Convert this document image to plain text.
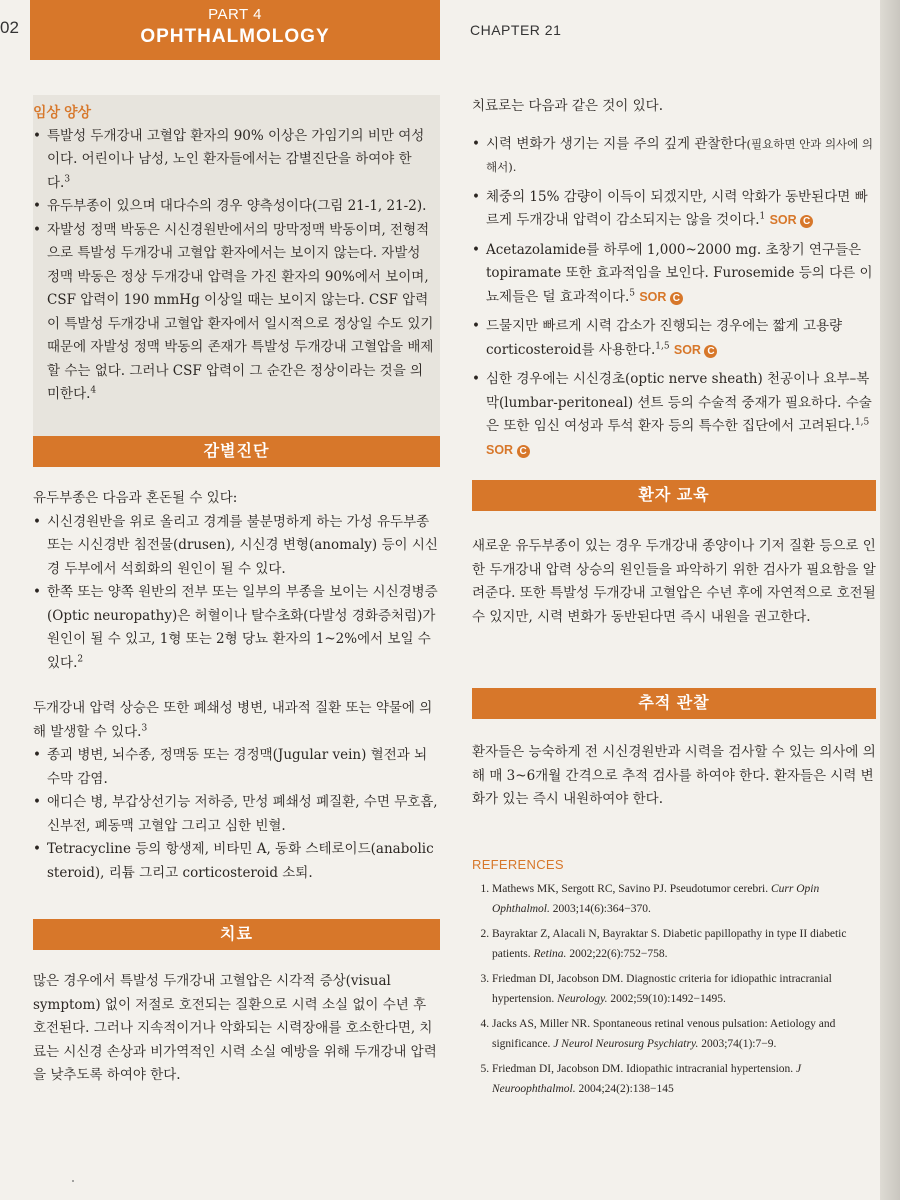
02
PART 4
OPHTHALMOLOGY	CHAPTER 21
임상 양상
• 특발성 두개강내 고혈압 환자의 90% 이상은 가임기의 비만 여성이다. 어린이나 남성, 노인 환자들에서는 감별진단을 하여야 한다.$^3$
• 유두부종이 있으며 대다수의 경우 양측성이다(그림 21-1, 21-2).
• 자발성 정맥 박동은 시신경원반에서의 망막정맥 박동이며, 전형적으로 특발성 두개강내 고혈압 환자에서는 보이지 않는다. 자발성 정맥 박동은 정상 두개강내 압력을 가진 환자의 90%에서 보이며, CSF 압력이 190 mmHg 이상일 때는 보이지 않는다. CSF 압력이 특발성 두개강내 고혈압 환자에서 일시적으로 정상일 수도 있기 때문에 자발성 정맥 박동의 존재가 특발성 두개강내 고혈압을 배제할 수는 없다. 그러나 CSF 압력이 그 순간은 정상이라는 것을 의미한다.$^4$
감별진단

유두부종은 다음과 혼돈될 수 있다:

• 시신경원반을 위로 올리고 경계를 불분명하게 하는 가성 유두부종 또는 시신경반 침전물(drusen), 시신경 변형(anomaly) 등이 시신경 두부에서 석회화의 원인이 될 수 있다.
• 한쪽 또는 양쪽 원반의 전부 또는 일부의 부종을 보이는 시신경병증(Optic neuropathy)은 허혈이나 탈수초화(다발성 경화증처럼)가 원인이 될 수 있고, 1형 또는 2형 당뇨 환자의 1~2%에서 보일 수 있다.$^2$

두개강내 압력 상승은 또한 폐쇄성 병변, 내과적 질환 또는 약물에 의해 발생할 수 있다.$^3$

• 종괴 병변, 뇌수종, 정맥동 또는 경정맥(Jugular vein) 혈전과 뇌수막 감염.
• 애디슨 병, 부갑상선기능 저하증, 만성 폐쇄성 폐질환, 수면 무호흡, 신부전, 폐동맥 고혈압 그리고 심한 빈혈.
• Tetracycline 등의 항생제, 비타민 A, 동화 스테로이드(anabolic steroid), 리튬 그리고 corticosteroid 소퇴.
치료

많은 경우에서 특발성 두개강내 고혈압은 시각적 증상(visual symptom) 없이 저절로 호전되는 질환으로 시력 소실 없이 수년 후 호전된다. 그러나 지속적이거나 악화되는 시력장애를 호소한다면, 치료는 시신경 손상과 비가역적인 시력 소실 예방을 위해 두개강내 압력을 낮추도록 하여야 한다.

치료로는 다음과 같은 것이 있다.

• 시력 변화가 생기는 지를 주의 깊게 관찰한다(필요하면 안과 의사에 의해서).
• 체중의 15% 감량이 이득이 되겠지만, 시력 악화가 동반된다면 빠르게 두개강내 압력이 감소되지는 않을 것이다.$^1$ SOR C
• Acetazolamide를 하루에 1,000~2000 mg. 초창기 연구들은 topiramate 또한 효과적임을 보인다. Furosemide 등의 다른 이뇨제들은 덜 효과적이다.$^5$ SOR C
• 드물지만 빠르게 시력 감소가 진행되는 경우에는 짧게 고용량 corticosteroid를 사용한다.$^{1,5}$ SOR C
• 심한 경우에는 시신경초(optic nerve sheath) 천공이나 요부–복막(lumbar-peritoneal) 션트 등의 수술적 중재가 필요하다. 수술은 또한 임신 여성과 투석 환자 등의 특수한 집단에서 고려된다.$^{1,5}$ SOR C
환자 교육

새로운 유두부종이 있는 경우 두개강내 종양이나 기저 질환 등으로 인한 두개강내 압력 상승의 원인들을 파악하기 위한 검사가 필요함을 알려준다. 또한 특발성 두개강내 고혈압은 수년 후에 자연적으로 호전될 수 있지만, 시력 변화가 동반된다면 즉시 내원을 권고한다.

추적 관찰

환자들은 능숙하게 전 시신경원반과 시력을 검사할 수 있는 의사에 의해 매 3~6개월 간격으로 추적 검사를 하여야 한다. 환자들은 시력 변화가 있는 즉시 내원하여야 한다.

REFERENCES
1. Mathews MK, Sergott RC, Savino PJ. Pseudotumor cerebri. Curr Opin Ophthalmol. 2003;14(6):364−370.
2. Bayraktar Z, Alacali N, Bayraktar S. Diabetic papillopathy in type II diabetic patients. Retina. 2002;22(6):752−758.
3. Friedman DI, Jacobson DM. Diagnostic criteria for idiopathic intracranial hypertension. Neurology. 2002;59(10):1492−1495.
4. Jacks AS, Miller NR. Spontaneous retinal venous pulsation: Aetiology and significance. J Neurol Neurosurg Psychiatry. 2003;74(1):7−9.
5. Friedman DI, Jacobson DM. Idiopathic intracranial hypertension. J Neuroophthalmol. 2004;24(2):138−145
